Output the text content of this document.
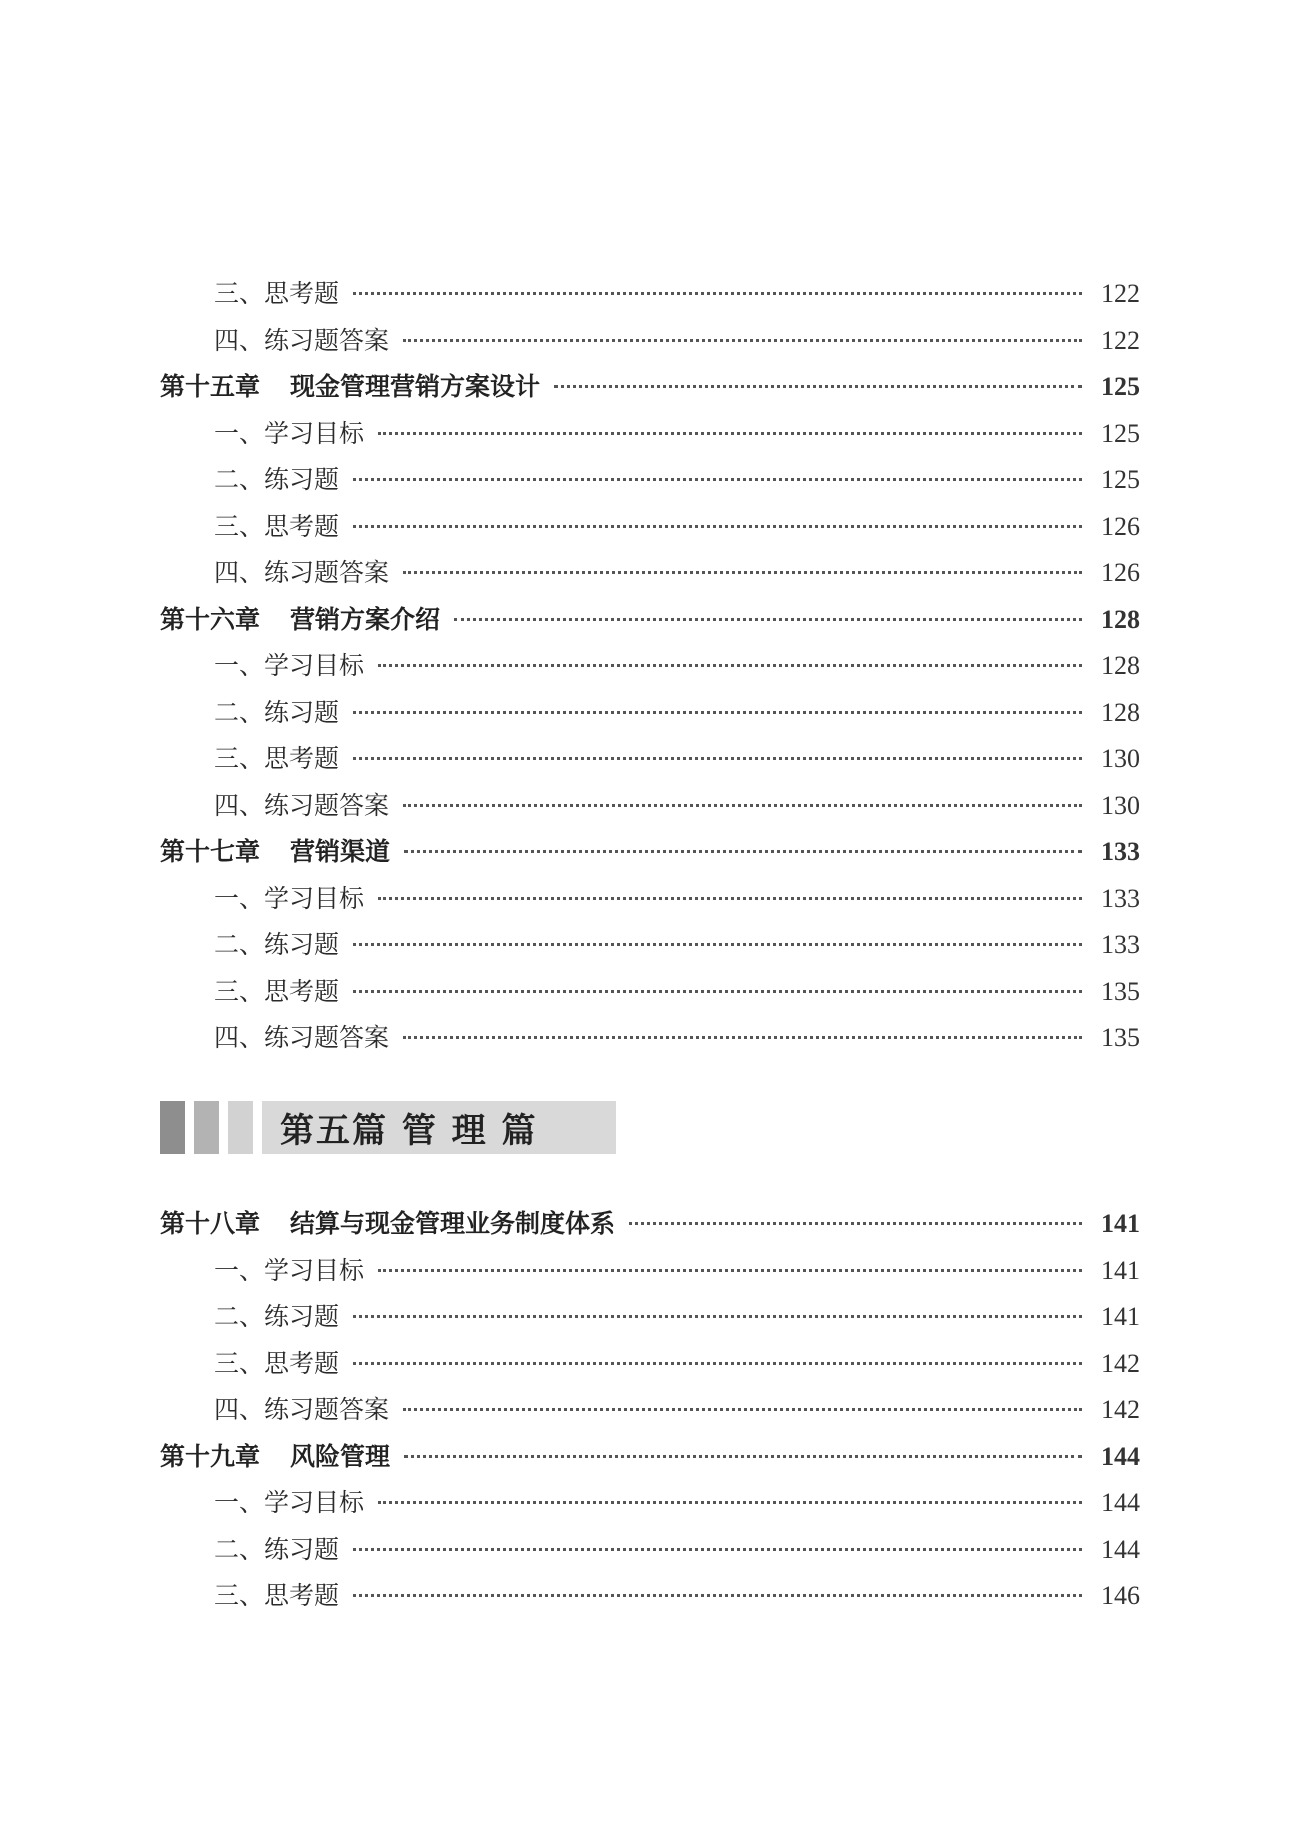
三、思考题	122
四、练习题答案	122
第十五章 现金管理营销方案设计	125
一、学习目标	125
二、练习题	125
三、思考题	126
四、练习题答案	126
第十六章 营销方案介绍	128
一、学习目标	128
二、练习题	128
三、思考题	130
四、练习题答案	130
第十七章 营销渠道	133
一、学习目标	133
二、练习题	133
三、思考题	135
四、练习题答案	135
第五篇 管 理 篇
第十八章 结算与现金管理业务制度体系	141
一、学习目标	141
二、练习题	141
三、思考题	142
四、练习题答案	142
第十九章 风险管理	144
一、学习目标	144
二、练习题	144
三、思考题	146
